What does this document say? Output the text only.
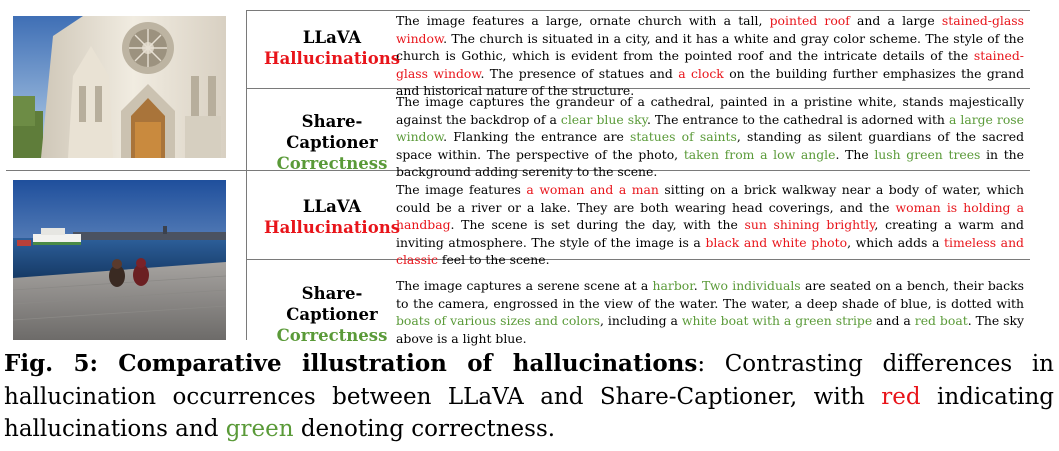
LLaVA
Hallucinations
The image features a large, ornate church with a tall, pointed roof and a large stained-glass window. The church is situated in a city, and it has a white and gray color scheme. The style of the church is Gothic, which is evident from the pointed roof and the intricate details of the stained-glass window. The presence of statues and a clock on the building further emphasizes the grand and historical nature of the structure.
Share-Captioner
Correctness
The image captures the grandeur of a cathedral, painted in a pristine white, stands majestically against the backdrop of a clear blue sky. The entrance to the cathedral is adorned with a large rose window. Flanking the entrance are statues of saints, standing as silent guardians of the sacred space within. The perspective of the photo, taken from a low angle. The lush green trees in the background adding serenity to the scene.
LLaVA
Hallucinations
The image features a woman and a man sitting on a brick walkway near a body of water, which could be a river or a lake. They are both wearing head coverings, and the woman is holding a handbag. The scene is set during the day, with the sun shining brightly, creating a warm and inviting atmosphere. The style of the image is a black and white photo, which adds a timeless and classic feel to the scene.
Share-Captioner
Correctness
The image captures a serene scene at a harbor. Two individuals are seated on a bench, their backs to the camera, engrossed in the view of the water. The water, a deep shade of blue, is dotted with boats of various sizes and colors, including a white boat with a green stripe and a red boat. The sky above is a light blue.
Fig. 5: Comparative illustration of hallucinations: Contrasting differences in hallucination occurrences between LLaVA and Share-Captioner, with red indicating hallucinations and green denoting correctness.
